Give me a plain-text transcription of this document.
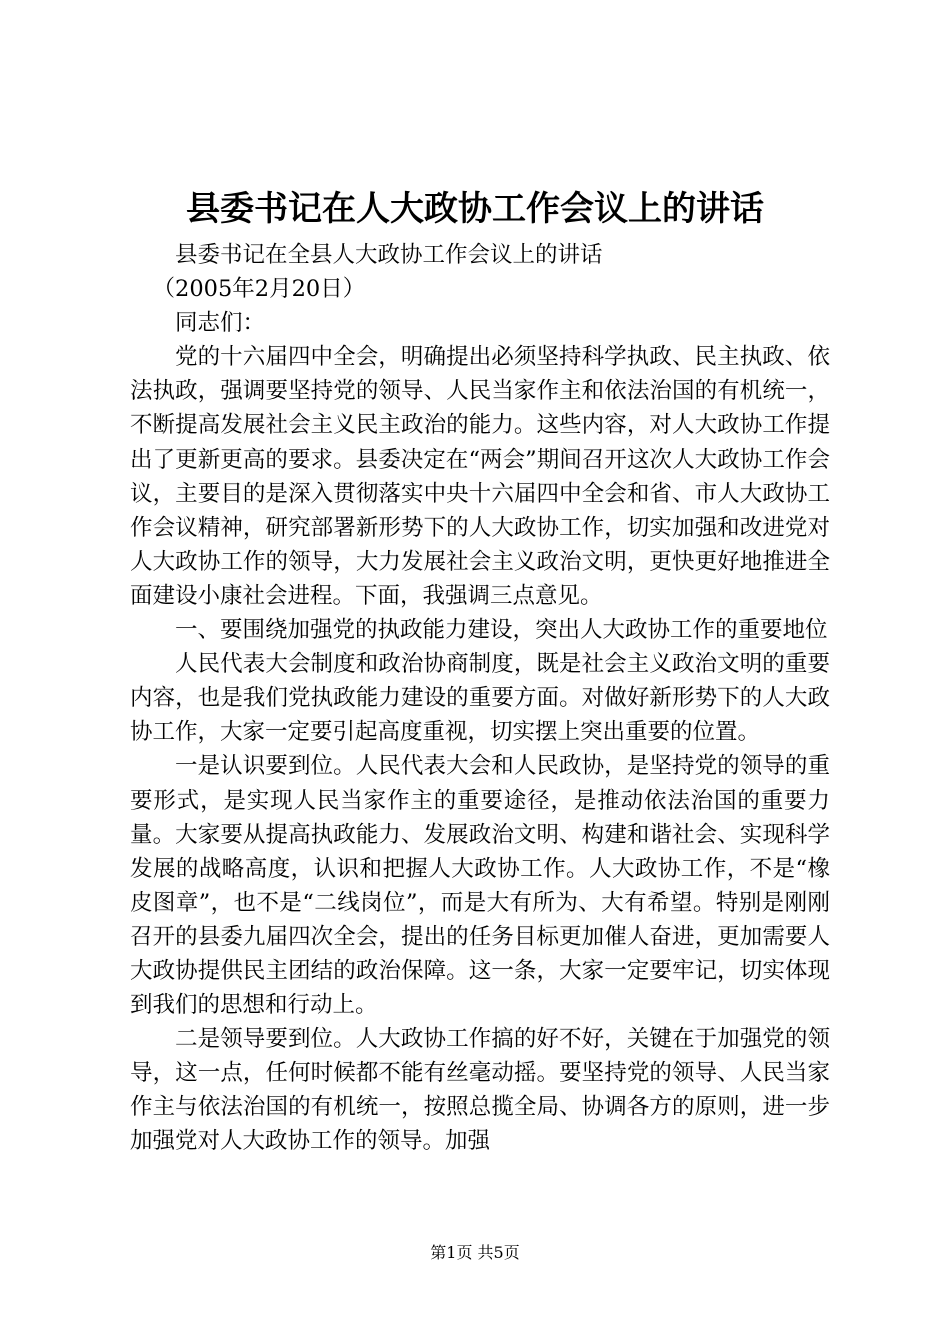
县委书记在人大政协工作会议上的讲话

县委书记在全县人大政协工作会议上的讲话

（2005年2月20日）

同志们：

党的十六届四中全会，明确提出必须坚持科学执政、民主执政、依法执政，强调要坚持党的领导、人民当家作主和依法治国的有机统一，不断提高发展社会主义民主政治的能力。这些内容，对人大政协工作提出了更新更高的要求。县委决定在“两会”期间召开这次人大政协工作会议，主要目的是深入贯彻落实中央十六届四中全会和省、市人大政协工作会议精神，研究部署新形势下的人大政协工作，切实加强和改进党对人大政协工作的领导，大力发展社会主义政治文明，更快更好地推进全面建设小康社会进程。下面，我强调三点意见。

一、要围绕加强党的执政能力建设，突出人大政协工作的重要地位

人民代表大会制度和政治协商制度，既是社会主义政治文明的重要内容，也是我们党执政能力建设的重要方面。对做好新形势下的人大政协工作，大家一定要引起高度重视，切实摆上突出重要的位置。

一是认识要到位。人民代表大会和人民政协，是坚持党的领导的重要形式，是实现人民当家作主的重要途径，是推动依法治国的重要力量。大家要从提高执政能力、发展政治文明、构建和谐社会、实现科学发展的战略高度，认识和把握人大政协工作。人大政协工作，不是“橡皮图章”，也不是“二线岗位”，而是大有所为、大有希望。特别是刚刚召开的县委九届四次全会，提出的任务目标更加催人奋进，更加需要人大政协提供民主团结的政治保障。这一条，大家一定要牢记，切实体现到我们的思想和行动上。

二是领导要到位。人大政协工作搞的好不好，关键在于加强党的领导，这一点，任何时候都不能有丝毫动摇。要坚持党的领导、人民当家作主与依法治国的有机统一，按照总揽全局、协调各方的原则，进一步加强党对人大政协工作的领导。加强

第1页 共5页
